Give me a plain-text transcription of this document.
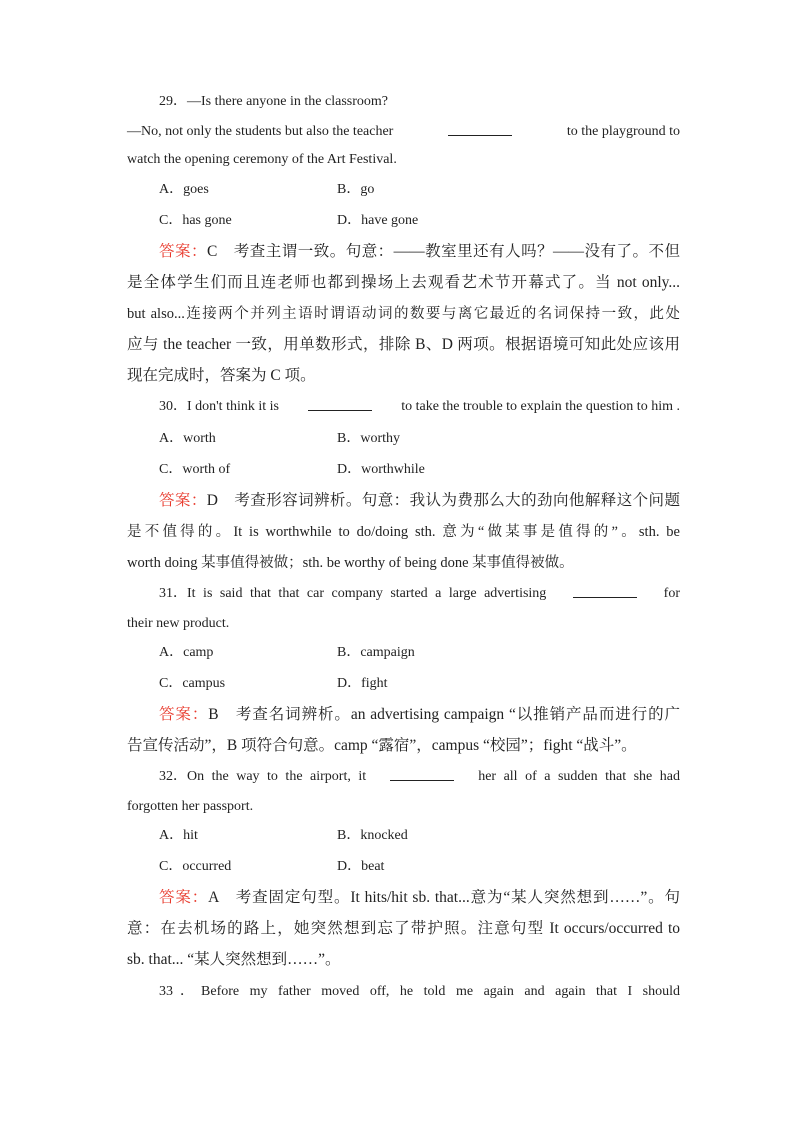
29．—Is there anyone in the classroom?
—No, not only the students but also the teacher	to the playground to
watch the opening ceremony of the Art Festival.
A．goes	B．go
C．has gone	D．have gone
答案：C　考查主谓一致。句意：——教室里还有人吗？——没有了。不但
是全体学生们而且连老师也都到操场上去观看艺术节开幕式了。当 not only...
but also...连接两个并列主语时谓语动词的数要与离它最近的名词保持一致，此处
应与 the teacher 一致，用单数形式，排除 B、D 两项。根据语境可知此处应该用
现在完成时，答案为 C 项。
30．I don't think it is	to take the trouble to explain the question to him .
A．worth	B．worthy
C．worth of	D．worthwhile
答案：D　考查形容词辨析。句意：我认为费那么大的劲向他解释这个问题
是不值得的。It is worthwhile to do/doing sth. 意为“做某事是值得的”。sth. be
worth doing 某事值得被做；sth. be worthy of being done 某事值得被做。
31．It is said that that car company started a large advertising	for
their new product.
A．camp	B．campaign
C．campus	D．fight
答案：B　考查名词辨析。an advertising campaign “以推销产品而进行的广
告宣传活动”，B 项符合句意。camp “露宿”，campus “校园”；fight “战斗”。
32．On the way to the airport, it	her all of a sudden that she had
forgotten her passport.
A．hit	B．knocked
C．occurred	D．beat
答案：A　考查固定句型。It hits/hit sb. that...意为“某人突然想到……”。句
意：在去机场的路上，她突然想到忘了带护照。注意句型 It occurs/occurred to
sb. that... “某人突然想到……”。
33．Before my father moved off, he told me again and again that I should
